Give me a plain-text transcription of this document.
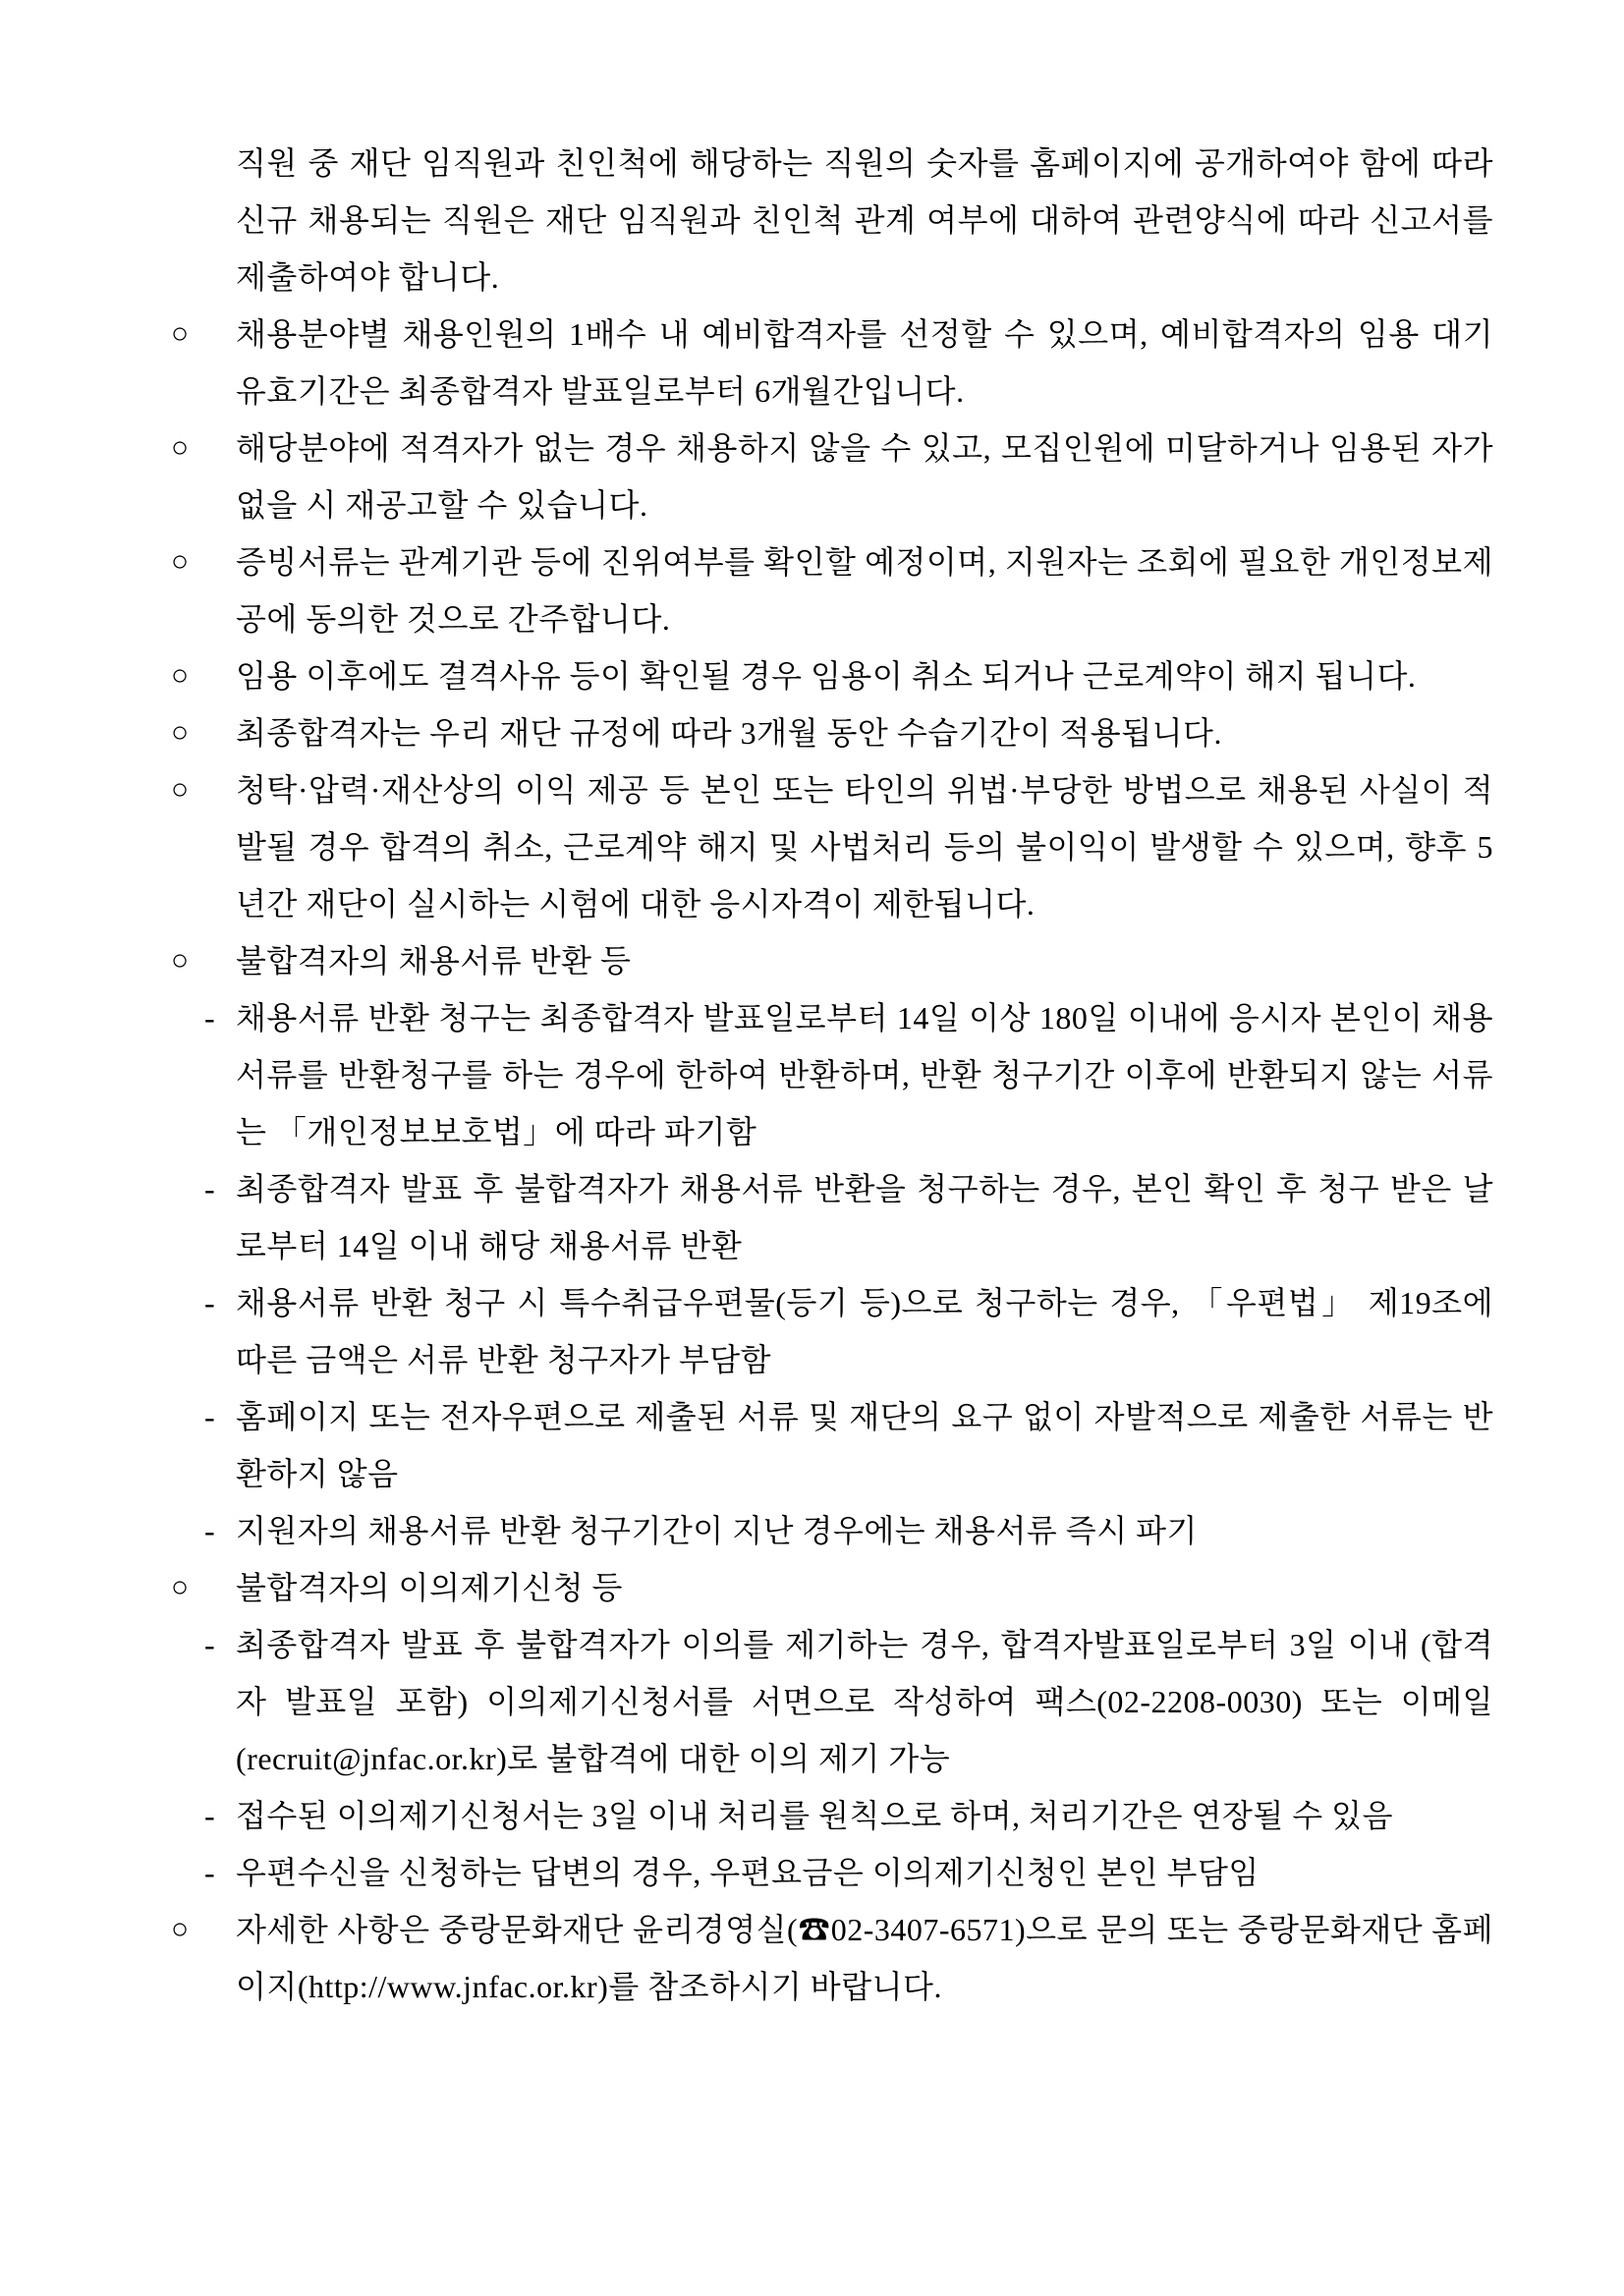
직원 중 재단 임직원과 친인척에 해당하는 직원의 숫자를 홈페이지에 공개하여야 함에 따라 신규 채용되는 직원은 재단 임직원과 친인척 관계 여부에 대하여 관련양식에 따라 신고서를 제출하여야 합니다.
○ 채용분야별 채용인원의 1배수 내 예비합격자를 선정할 수 있으며, 예비합격자의 임용 대기 유효기간은 최종합격자 발표일로부터 6개월간입니다.
○ 해당분야에 적격자가 없는 경우 채용하지 않을 수 있고, 모집인원에 미달하거나 임용된 자가 없을 시 재공고할 수 있습니다.
○ 증빙서류는 관계기관 등에 진위여부를 확인할 예정이며, 지원자는 조회에 필요한 개인정보제공에 동의한 것으로 간주합니다.
○ 임용 이후에도 결격사유 등이 확인될 경우 임용이 취소 되거나 근로계약이 해지 됩니다.
○ 최종합격자는 우리 재단 규정에 따라 3개월 동안 수습기간이 적용됩니다.
○ 청탁·압력·재산상의 이익 제공 등 본인 또는 타인의 위법·부당한 방법으로 채용된 사실이 적발될 경우 합격의 취소, 근로계약 해지 및 사법처리 등의 불이익이 발생할 수 있으며, 향후 5년간 재단이 실시하는 시험에 대한 응시자격이 제한됩니다.
○ 불합격자의 채용서류 반환 등
- 채용서류 반환 청구는 최종합격자 발표일로부터 14일 이상 180일 이내에 응시자 본인이 채용서류를 반환청구를 하는 경우에 한하여 반환하며, 반환 청구기간 이후에 반환되지 않는 서류는 「개인정보보호법」에 따라 파기함
- 최종합격자 발표 후 불합격자가 채용서류 반환을 청구하는 경우, 본인 확인 후 청구 받은 날로부터 14일 이내 해당 채용서류 반환
- 채용서류 반환 청구 시 특수취급우편물(등기 등)으로 청구하는 경우, 「우편법」 제19조에 따른 금액은 서류 반환 청구자가 부담함
- 홈페이지 또는 전자우편으로 제출된 서류 및 재단의 요구 없이 자발적으로 제출한 서류는 반환하지 않음
- 지원자의 채용서류 반환 청구기간이 지난 경우에는 채용서류 즉시 파기
○ 불합격자의 이의제기신청 등
- 최종합격자 발표 후 불합격자가 이의를 제기하는 경우, 합격자발표일로부터 3일 이내 (합격자 발표일 포함) 이의제기신청서를 서면으로 작성하여 팩스(02-2208-0030) 또는 이메일(recruit@jnfac.or.kr)로 불합격에 대한 이의 제기 가능
- 접수된 이의제기신청서는 3일 이내 처리를 원칙으로 하며, 처리기간은 연장될 수 있음
- 우편수신을 신청하는 답변의 경우, 우편요금은 이의제기신청인 본인 부담임
○ 자세한 사항은 중랑문화재단 윤리경영실(☎02-3407-6571)으로 문의 또는 중랑문화재단 홈페이지(http://www.jnfac.or.kr)를 참조하시기 바랍니다.
